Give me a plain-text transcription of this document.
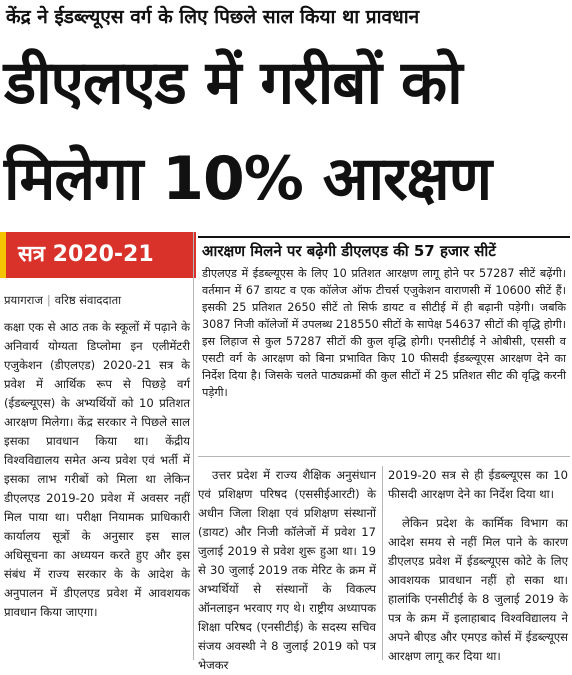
केंद्र ने ईडब्ल्यूएस वर्ग के लिए पिछले साल किया था प्रावधान
डीएलएड में गरीबों को
मिलेगा 10% आरक्षण
सत्र 2020-21
प्रयागराज | वरिष्ठ संवाददाता
आरक्षण मिलने पर बढ़ेगी डीएलएड की 57 हजार सीटें

डीएलएड में ईडब्ल्यूएस के लिए 10 प्रतिशत आरक्षण लागू होने पर 57287 सीटें बढ़ेंगी। वर्तमान में 67 डायट व एक कॉलेज ऑफ टीचर्स एजुकेशन वाराणसी में 10600 सीटें हैं। इसकी 25 प्रतिशत 2650 सीटें तो सिर्फ डायट व सीटीई में ही बढ़ानी पड़ेगी। जबकि 3087 निजी कॉलेजों में उपलब्ध 218550 सीटों के सापेक्ष 54637 सीटों की वृद्धि होगी। इस लिहाज से कुल 57287 सीटों की कुल वृद्धि होगी। एनसीटीई ने ओबीसी, एससी व एसटी वर्ग के आरक्षण को बिना प्रभावित किए 10 फीसदी ईडब्ल्यूएस आरक्षण देने का निर्देश दिया है। जिसके चलते पाठ्यक्रमों की कुल सीटों में 25 प्रतिशत सीट की वृद्धि करनी पड़ेगी।

कक्षा एक से आठ तक के स्कूलों में पढ़ाने के अनिवार्य योग्यता डिप्लोमा इन एलीमेंटरी एजुकेशन (डीएलएड) 2020-21 सत्र के प्रवेश में आर्थिक रूप से पिछड़े वर्ग (ईडब्ल्यूएस) के अभ्यर्थियों को 10 प्रतिशत आरक्षण मिलेगा। केंद्र सरकार ने पिछले साल इसका प्रावधान किया था। केंद्रीय विश्वविद्यालय समेत अन्य प्रवेश एवं भर्ती में इसका लाभ गरीबों को मिला था लेकिन डीएलएड 2019-20 प्रवेश में अवसर नहीं मिल पाया था। परीक्षा नियामक प्राधिकारी कार्यालय सूत्रों के अनुसार इस साल अधिसूचना का अध्ययन करते हुए और इस संबंध में राज्य सरकार के के आदेश के अनुपालन में डीएलएड प्रवेश में आवशयक प्रावधान किया जाएगा।

उत्तर प्रदेश में राज्य शैक्षिक अनुसंधान एवं प्रशिक्षण परिषद (एससीईआरटी) के अधीन जिला शिक्षा एवं प्रशिक्षण संस्थानों (डायट) और निजी कॉलेजों में प्रवेश 17 जुलाई 2019 से प्रवेश शुरू हुआ था। 19 से 30 जुलाई 2019 तक मेरिट के क्रम में अभ्यर्थियों से संस्थानों के विकल्प ऑनलाइन भरवाए गए थे। राष्ट्रीय अध्यापक शिक्षा परिषद (एनसीटीई) के सदस्य सचिव संजय अवस्थी ने 8 जुलाई 2019 को पत्र भेजकर

2019-20 सत्र से ही ईडब्ल्यूएस का 10 फीसदी आरक्षण देने का निर्देश दिया था।

लेकिन प्रदेश के कार्मिक विभाग का आदेश समय से नहीं मिल पाने के कारण डीएलएड प्रवेश में ईडब्ल्यूएस कोटे के लिए आवशयक प्रावधान नहीं हो सका था। हालांकि एनसीटीई के 8 जुलाई 2019 के पत्र के क्रम में इलाहाबाद विश्वविद्यालय ने अपने बीएड और एमएड कोर्स में ईडब्ल्यूएस आरक्षण लागू कर दिया था।
